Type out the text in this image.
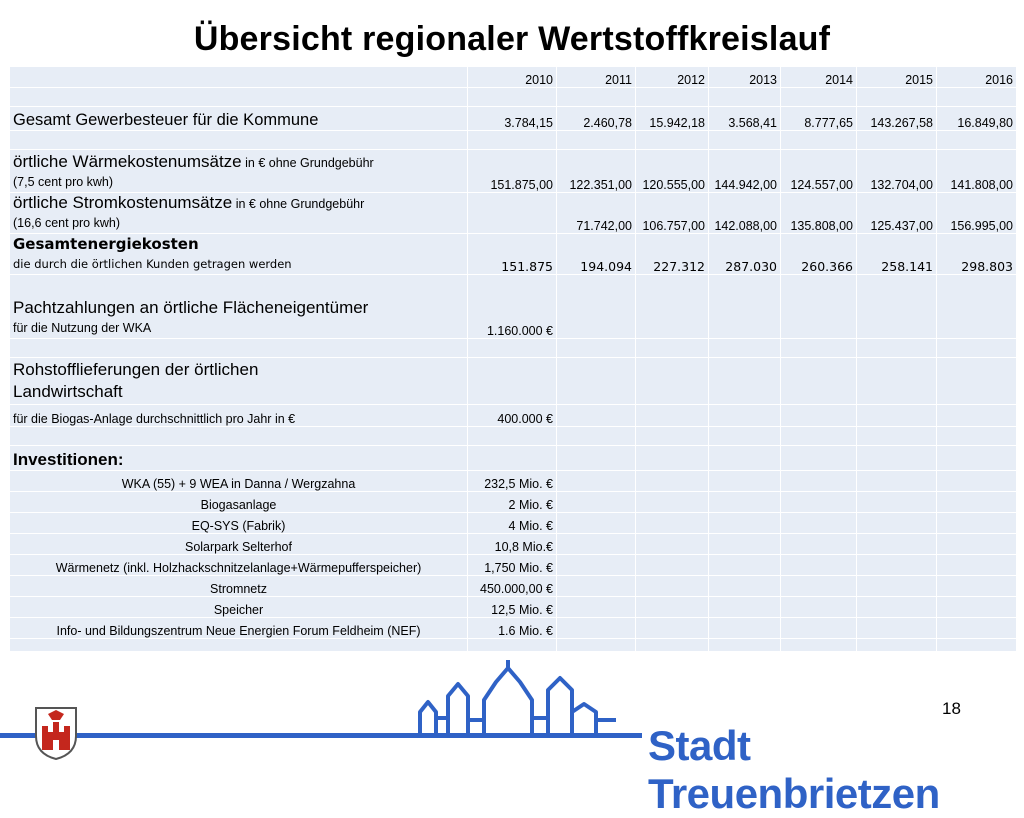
Übersicht regionaler Wertstoffkreislauf
	2010	2011	2012	2013	2014	2015	2016

Gesamt Gewerbesteuer für die Kommune	3.784,15	2.460,78	15.942,18	3.568,41	8.777,65	143.267,58	16.849,80

örtliche Wärmekostenumsätze in € ohne Grundgebühr
(7,5 cent pro kwh)	151.875,00	122.351,00	120.555,00	144.942,00	124.557,00	132.704,00	141.808,00
örtliche Stromkostenumsätze in € ohne Grundgebühr
(16,6 cent pro kwh)		71.742,00	106.757,00	142.088,00	135.808,00	125.437,00	156.995,00
Gesamtenergiekosten
die durch die örtlichen Kunden getragen werden	151.875	194.094	227.312	287.030	260.366	258.141	298.803
Pachtzahlungen an örtliche Flächeneigentümer
für die Nutzung der WKA	1.160.000 €						

Rohstofflieferungen der örtlichen Landwirtschaft							
für die Biogas-Anlage durchschnittlich pro Jahr in €	400.000 €						

Investitionen:							
WKA (55) + 9 WEA in Danna / Wergzahna	232,5 Mio. €						
Biogasanlage	2 Mio. €						
EQ-SYS (Fabrik)	4 Mio. €						
Solarpark Selterhof	10,8 Mio.€						
Wärmenetz (inkl. Holzhackschnitzelanlage+Wärmepufferspeicher)	1,750 Mio. €						
Stromnetz	450.000,00 €						
Speicher	12,5 Mio. €						
Info- und Bildungszentrum Neue Energien Forum Feldheim (NEF)	1.6 Mio. €						

18
Stadt Treuenbrietzen
